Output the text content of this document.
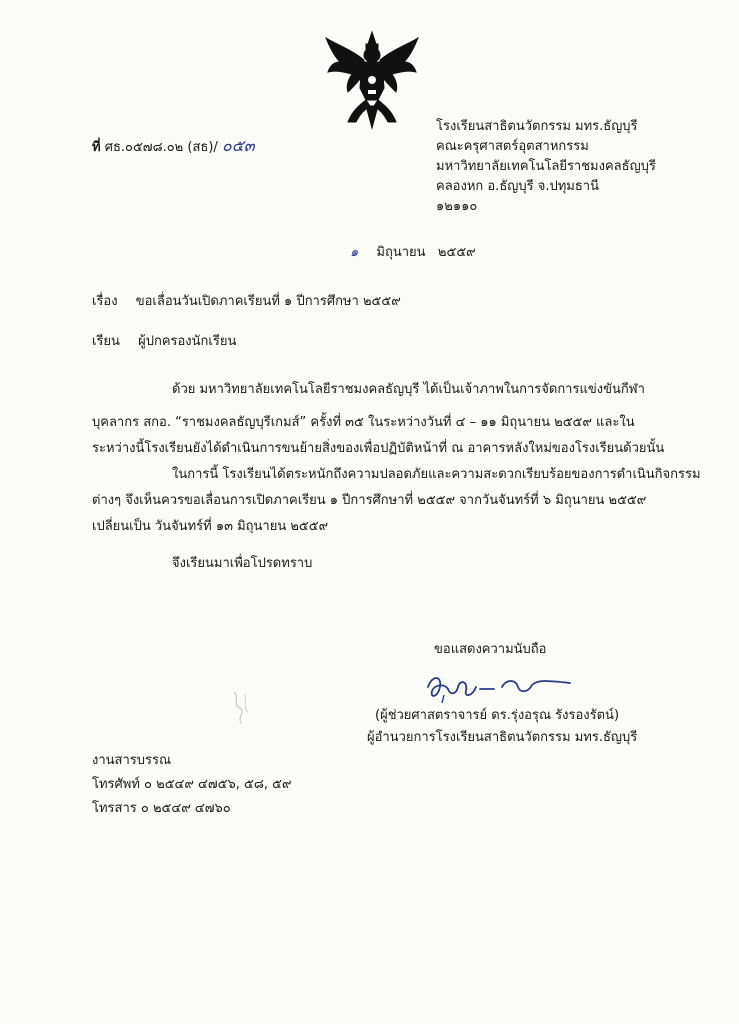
ที่ ศธ.๐๕๗๘.๐๒ (สธ)/ ๐๕๓
โรงเรียนสาธิตนวัตกรรม มทร.ธัญบุรี
คณะครุศาสตร์อุตสาหกรรม
มหาวิทยาลัยเทคโนโลยีราชมงคลธัญบุรี
คลองหก อ.ธัญบุรี จ.ปทุมธานี
๑๒๑๑๐
๑ มิถุนายน   ๒๕๕๙
เรื่อง ขอเลื่อนวันเปิดภาคเรียนที่ ๑ ปีการศึกษา ๒๕๕๙
เรียน ผู้ปกครองนักเรียน
ด้วย มหาวิทยาลัยเทคโนโลยีราชมงคลธัญบุรี ได้เป็นเจ้าภาพในการจัดการแข่งขันกีฬา
บุคลากร สกอ. “ราชมงคลธัญบุรีเกมส์” ครั้งที่ ๓๕ ในระหว่างวันที่ ๔ – ๑๑ มิถุนายน ๒๕๕๙ และใน
ระหว่างนี้โรงเรียนยังได้ดำเนินการขนย้ายสิ่งของเพื่อปฏิบัติหน้าที่ ณ อาคารหลังใหม่ของโรงเรียนด้วยนั้น
ในการนี้ โรงเรียนได้ตระหนักถึงความปลอดภัยและความสะดวกเรียบร้อยของการดำเนินกิจกรรม
ต่างๆ จึงเห็นควรขอเลื่อนการเปิดภาคเรียน ๑ ปีการศึกษาที่ ๒๕๕๙ จากวันจันทร์ที่ ๖ มิถุนายน ๒๕๕๙
เปลี่ยนเป็น วันจันทร์ที่ ๑๓ มิถุนายน ๒๕๕๙
จึงเรียนมาเพื่อโปรดทราบ
ขอแสดงความนับถือ
(ผู้ช่วยศาสตราจารย์ ดร.รุ่งอรุณ รังรองรัตน์)
ผู้อำนวยการโรงเรียนสาธิตนวัตกรรม มทร.ธัญบุรี
งานสารบรรณ
โทรศัพท์ ๐ ๒๕๔๙ ๔๗๕๖, ๕๘, ๕๙
โทรสาร ๐ ๒๕๔๙ ๔๗๖๐
